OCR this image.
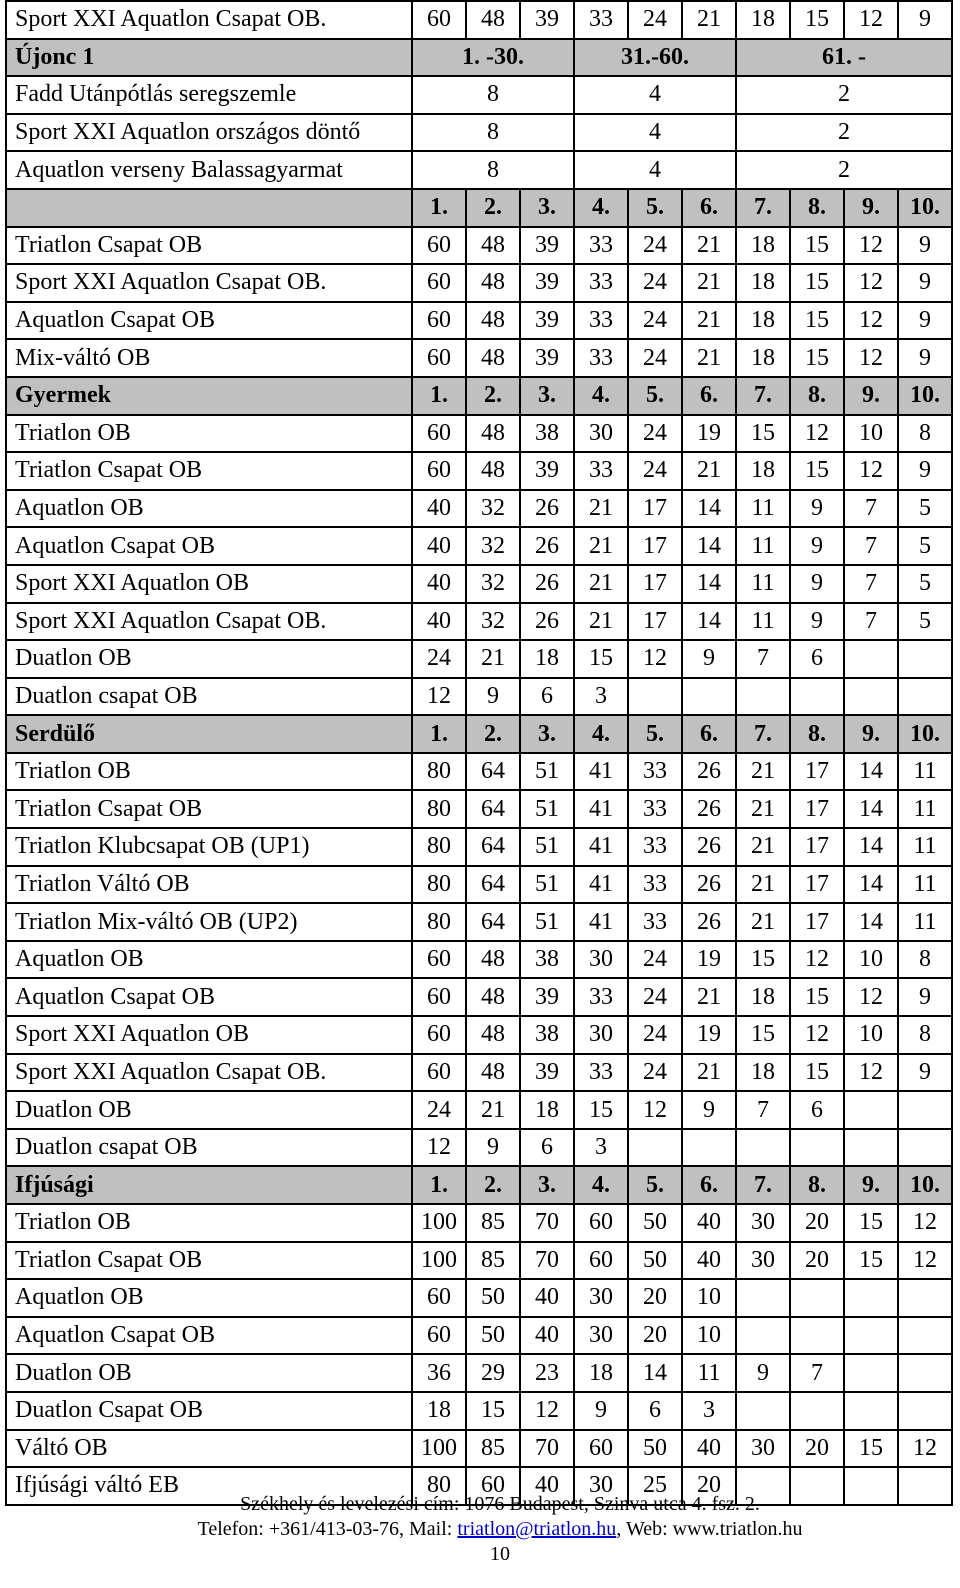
Sport XXI Aquatlon Csapat OB.	60	48	39	33	24	21	18	15	12	9
Újonc 1	1. -30.			31.-60.			61. -			
Fadd Utánpótlás seregszemle	8			4			2			
Sport XXI Aquatlon országos döntő	8			4			2			
Aquatlon verseny Balassagyarmat	8			4			2			
	1.	2.	3.	4.	5.	6.	7.	8.	9.	10.
Triatlon Csapat OB	60	48	39	33	24	21	18	15	12	9
Sport XXI Aquatlon Csapat OB.	60	48	39	33	24	21	18	15	12	9
Aquatlon Csapat OB	60	48	39	33	24	21	18	15	12	9
Mix-váltó OB	60	48	39	33	24	21	18	15	12	9
Gyermek	1.	2.	3.	4.	5.	6.	7.	8.	9.	10.
Triatlon OB	60	48	38	30	24	19	15	12	10	8
Triatlon Csapat OB	60	48	39	33	24	21	18	15	12	9
Aquatlon OB	40	32	26	21	17	14	11	9	7	5
Aquatlon Csapat OB	40	32	26	21	17	14	11	9	7	5
Sport XXI Aquatlon OB	40	32	26	21	17	14	11	9	7	5
Sport XXI Aquatlon Csapat OB.	40	32	26	21	17	14	11	9	7	5
Duatlon OB	24	21	18	15	12	9	7	6		
Duatlon csapat OB	12	9	6	3						
Serdülő	1.	2.	3.	4.	5.	6.	7.	8.	9.	10.
Triatlon OB	80	64	51	41	33	26	21	17	14	11
Triatlon Csapat OB	80	64	51	41	33	26	21	17	14	11
Triatlon Klubcsapat OB (UP1)	80	64	51	41	33	26	21	17	14	11
Triatlon Váltó OB	80	64	51	41	33	26	21	17	14	11
Triatlon Mix-váltó OB (UP2)	80	64	51	41	33	26	21	17	14	11
Aquatlon OB	60	48	38	30	24	19	15	12	10	8
Aquatlon Csapat OB	60	48	39	33	24	21	18	15	12	9
Sport XXI Aquatlon OB	60	48	38	30	24	19	15	12	10	8
Sport XXI Aquatlon Csapat OB.	60	48	39	33	24	21	18	15	12	9
Duatlon OB	24	21	18	15	12	9	7	6		
Duatlon csapat OB	12	9	6	3						
Ifjúsági	1.	2.	3.	4.	5.	6.	7.	8.	9.	10.
Triatlon OB	100	85	70	60	50	40	30	20	15	12
Triatlon Csapat OB	100	85	70	60	50	40	30	20	15	12
Aquatlon OB	60	50	40	30	20	10				
Aquatlon Csapat OB	60	50	40	30	20	10				
Duatlon OB	36	29	23	18	14	11	9	7		
Duatlon Csapat OB	18	15	12	9	6	3				
Váltó OB	100	85	70	60	50	40	30	20	15	12
Ifjúsági váltó EB	80	60	40	30	25	20				
Székhely és levelezési cím: 1076 Budapest, Szinva utca 4. fsz. 2.
Telefon: +361/413-03-76, Mail: triatlon@triatlon.hu, Web: www.triatlon.hu
10
